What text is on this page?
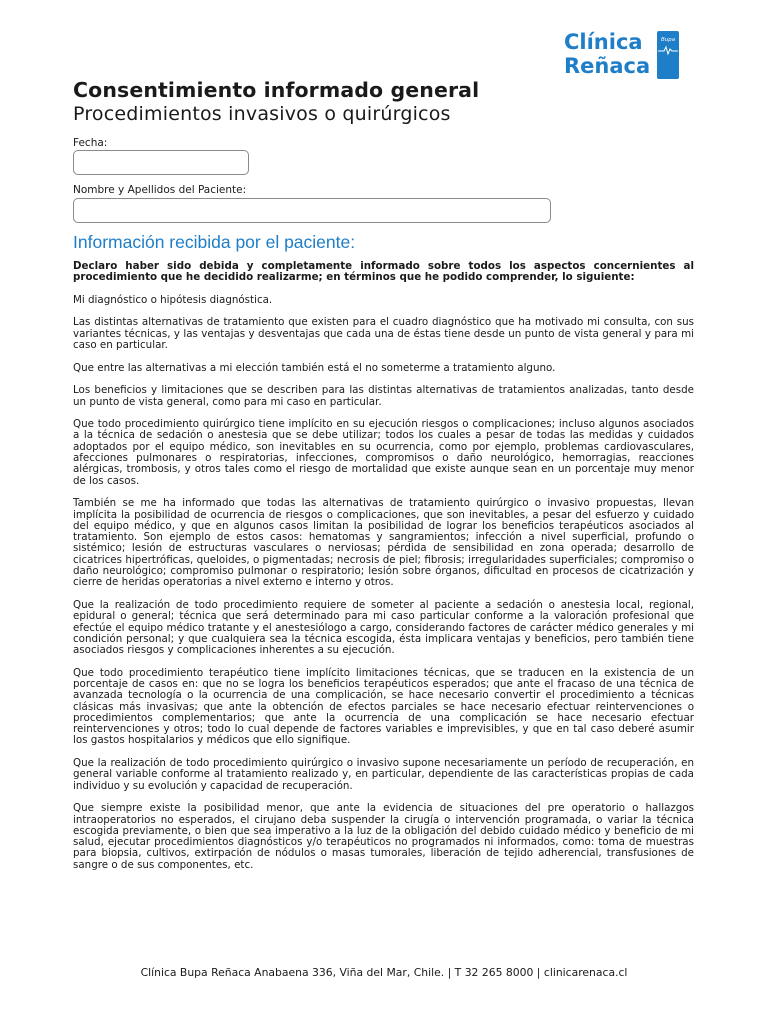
Clínica
Reñaca
Bupa
Consentimiento informado general
Procedimientos invasivos o quirúrgicos
Fecha:
Nombre y Apellidos del Paciente:
Información recibida por el paciente:

Declaro haber sido debida y completamente informado sobre todos los aspectos concernientes al procedimiento que he decidido realizarme; en términos que he podido comprender, lo siguiente:

Mi diagnóstico o hipótesis diagnóstica.

Las distintas alternativas de tratamiento que existen para el cuadro diagnóstico que ha motivado mi consulta, con sus variantes técnicas, y las ventajas y desventajas que cada una de éstas tiene desde un punto de vista general y para mi caso en particular.

Que entre las alternativas a mi elección también está el no someterme a tratamiento alguno.

Los beneficios y limitaciones que se describen para las distintas alternativas de tratamientos analizadas, tanto desde un punto de vista general, como para mi caso en particular.

Que todo procedimiento quirúrgico tiene implícito en su ejecución riesgos o complicaciones; incluso algunos asociados a la técnica de sedación o anestesia que se debe utilizar; todos los cuales a pesar de todas las medidas y cuidados adoptados por el equipo médico, son inevitables en su ocurrencia, como por ejemplo, problemas cardiovasculares, afecciones pulmonares o respiratorias, infecciones, compromisos o daño neurológico, hemorragias, reacciones alérgicas, trombosis, y otros tales como el riesgo de mortalidad que existe aunque sean en un porcentaje muy menor de los casos.

También se me ha informado que todas las alternativas de tratamiento quirúrgico o invasivo propuestas, llevan implícita la posibilidad de ocurrencia de riesgos o complicaciones, que son inevitables, a pesar del esfuerzo y cuidado del equipo médico, y que en algunos casos limitan la posibilidad de lograr los beneficios terapéuticos asociados al tratamiento. Son ejemplo de estos casos: hematomas y sangramientos; infección a nivel superficial, profundo o sistémico; lesión de estructuras vasculares o nerviosas; pérdida de sensibilidad en zona operada; desarrollo de cicatrices hipertróficas, queloides, o pigmentadas; necrosis de piel; fibrosis; irregularidades superficiales; compromiso o daño neurológico; compromiso pulmonar o respiratorio; lesión sobre órganos, dificultad en procesos de cicatrización y cierre de heridas operatorias a nivel externo e interno y otros.

Que la realización de todo procedimiento requiere de someter al paciente a sedación o anestesia local, regional, epidural o general; técnica que será determinado para mi caso particular conforme a la valoración profesional que efectúe el equipo médico tratante y el anestesiólogo a cargo, considerando factores de carácter médico generales y mi condición personal; y que cualquiera sea la técnica escogida, ésta implicara ventajas y beneficios, pero también tiene asociados riesgos y complicaciones inherentes a su ejecución.

Que todo procedimiento terapéutico tiene implícito limitaciones técnicas, que se traducen en la existencia de un porcentaje de casos en: que no se logra los beneficios terapéuticos esperados; que ante el fracaso de una técnica de avanzada tecnología o la ocurrencia de una complicación, se hace necesario convertir el procedimiento a técnicas clásicas más invasivas; que ante la obtención de efectos parciales se hace necesario efectuar reintervenciones o procedimientos complementarios; que ante la ocurrencia de una complicación se hace necesario efectuar reintervenciones y otros; todo lo cual depende de factores variables e imprevisibles, y que en tal caso deberé asumir los gastos hospitalarios y médicos que ello signifique.

Que la realización de todo procedimiento quirúrgico o invasivo supone necesariamente un período de recuperación, en general variable conforme al tratamiento realizado y, en particular, dependiente de las características propias de cada individuo y su evolución y capacidad de recuperación.

Que siempre existe la posibilidad menor, que ante la evidencia de situaciones del pre operatorio o hallazgos intraoperatorios no esperados, el cirujano deba suspender la cirugía o intervención programada, o variar la técnica escogida previamente, o bien que sea imperativo a la luz de la obligación del debido cuidado médico y beneficio de mi salud, ejecutar procedimientos diagnósticos y/o terapéuticos no programados ni informados, como: toma de muestras para biopsia, cultivos, extirpación de nódulos o masas tumorales, liberación de tejido adherencial, transfusiones de sangre o de sus componentes, etc.

Clínica Bupa Reñaca Anabaena 336, Viña del Mar, Chile. | T 32 265 8000 | clinicarenaca.cl
